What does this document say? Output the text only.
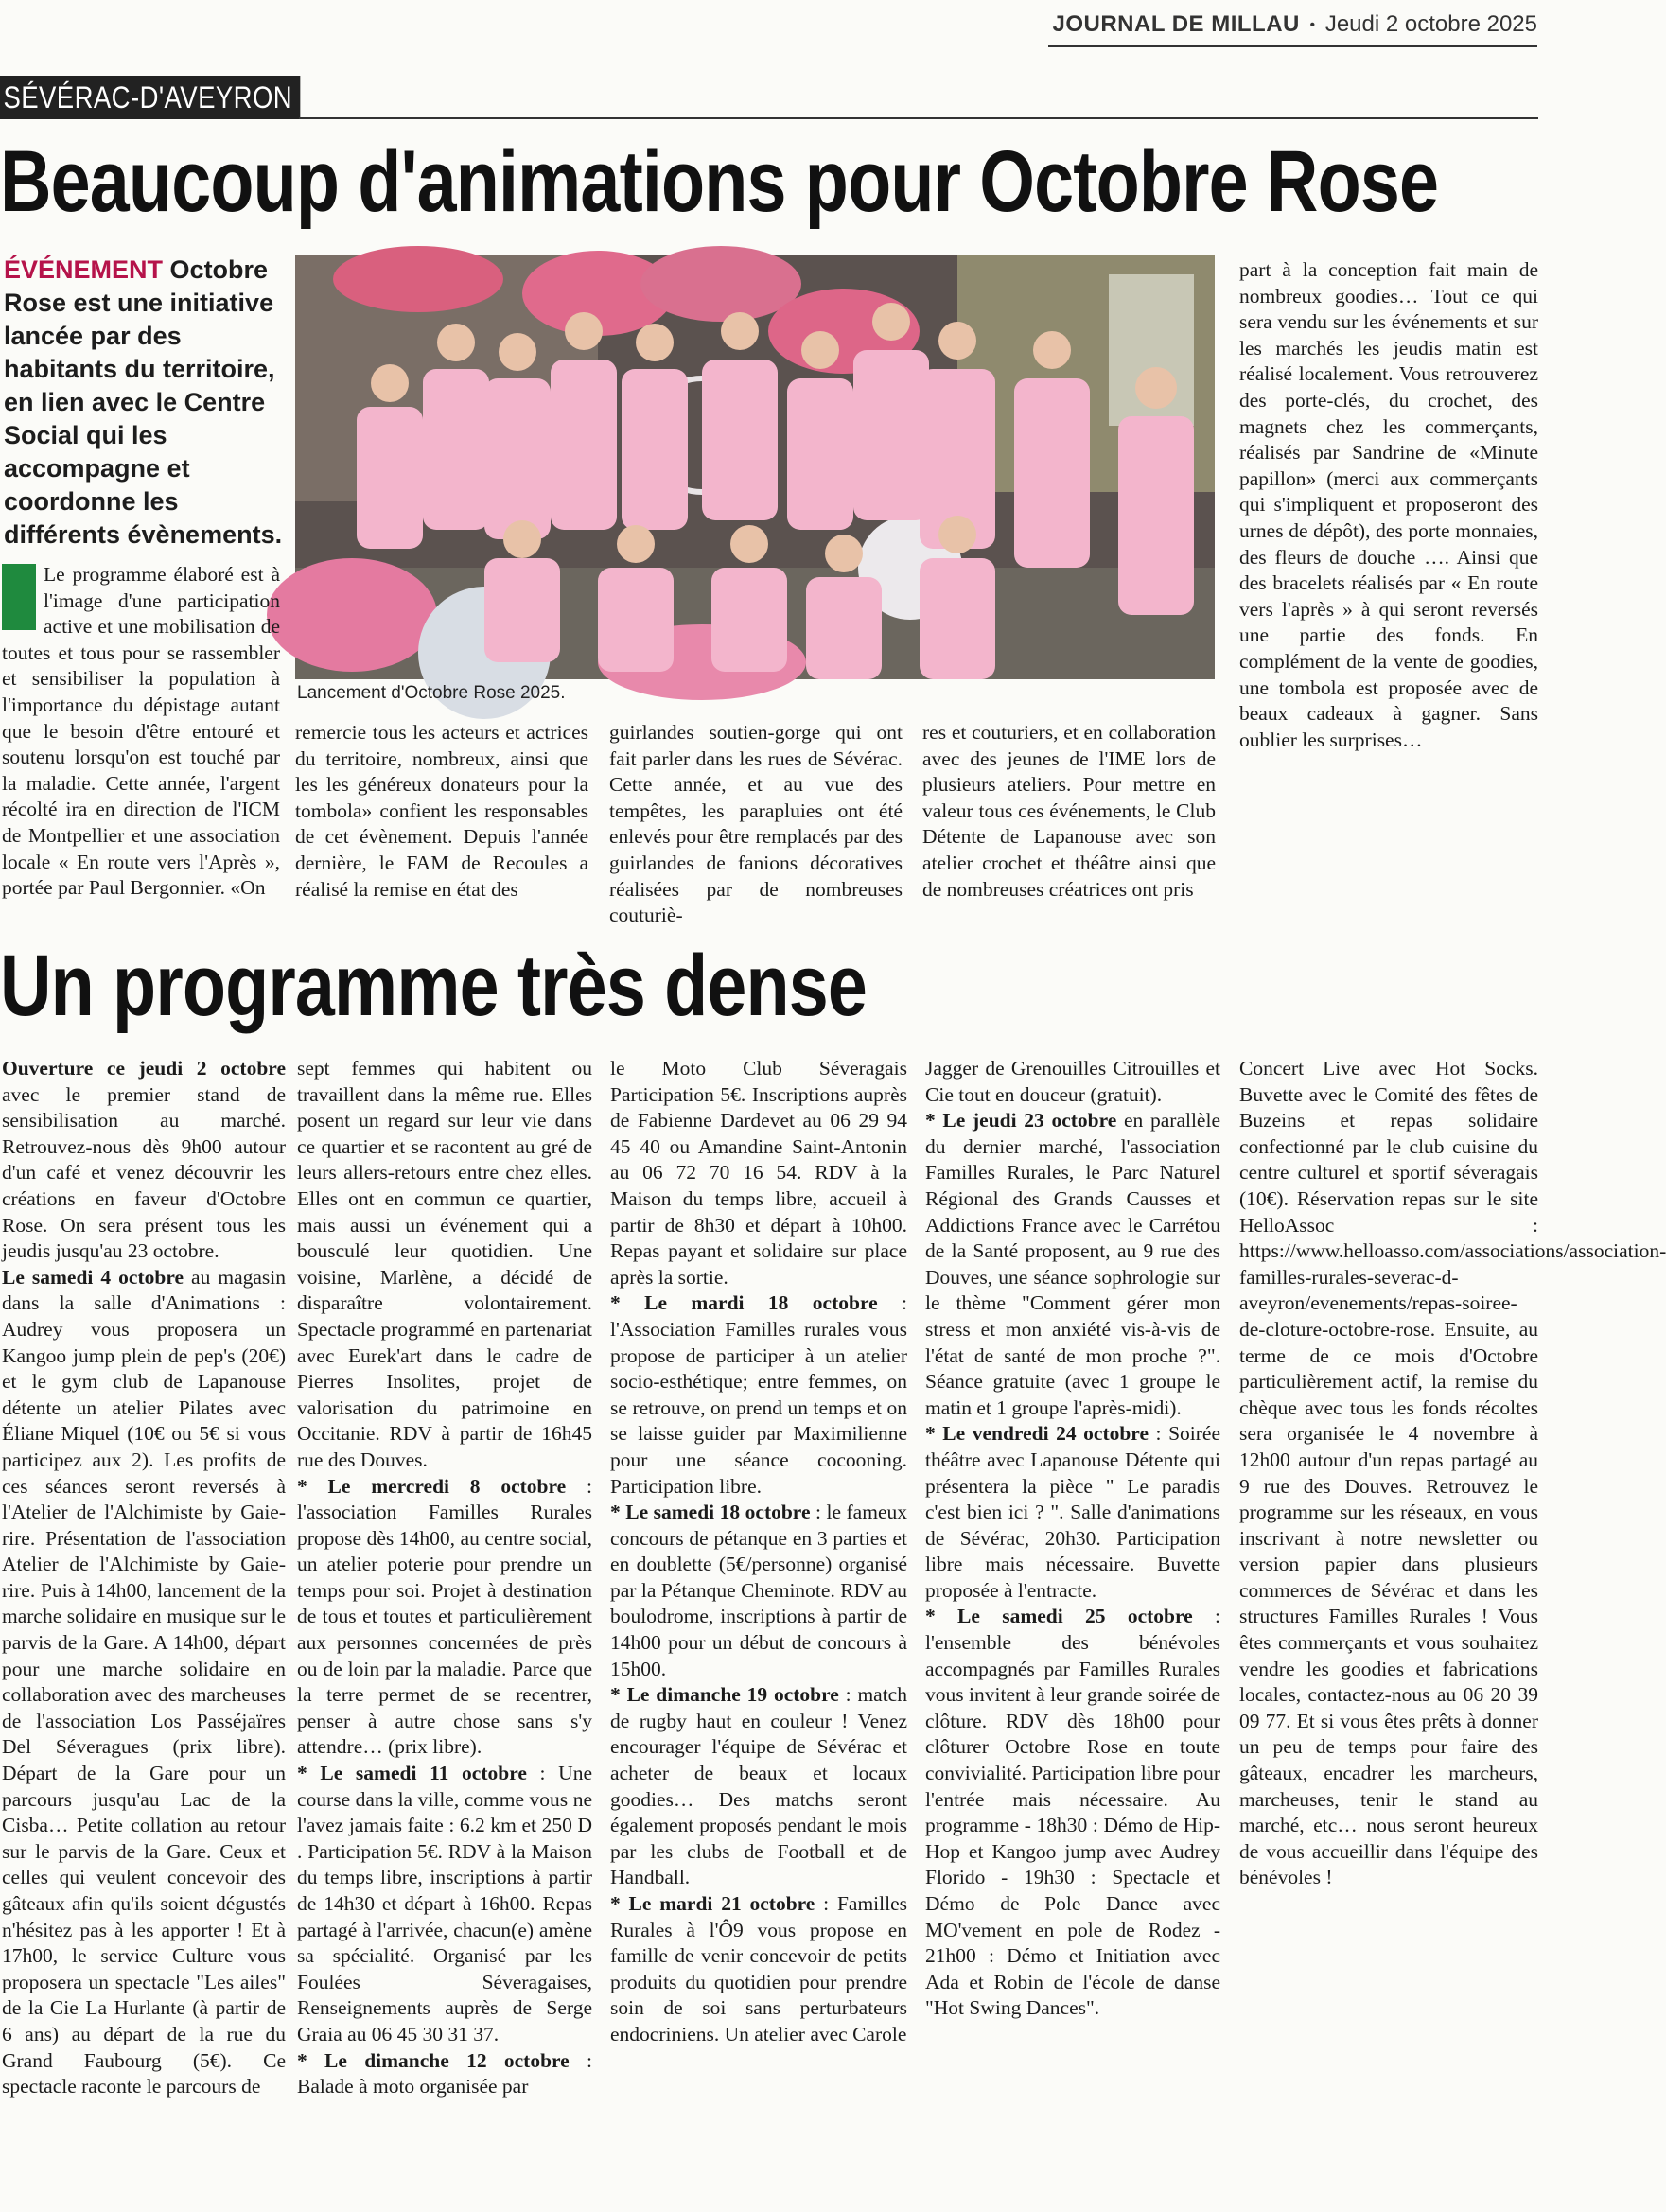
JOURNAL DE MILLAU • Jeudi 2 octobre 2025
SÉVÉRAC-D'AVEYRON
Beaucoup d'animations pour Octobre Rose
ÉVÉNEMENT Octobre Rose est une initiative lancée par des habitants du territoire, en lien avec le Centre Social qui les accompagne et coordonne les différents évènements.
Lancement d'Octobre Rose 2025.
Le programme élaboré est à l'image d'une participation active et une mobilisation de toutes et tous pour se rassembler et sensibiliser la population à l'importance du dépistage autant que le besoin d'être entouré et soutenu lorsqu'on est touché par la maladie. Cette année, l'argent récolté ira en direction de l'ICM de Montpellier et une association locale « En route vers l'Après », portée par Paul Bergonnier. «On
remercie tous les acteurs et actrices du territoire, nombreux, ainsi que les les généreux donateurs pour la tombola» confient les responsables de cet évènement. Depuis l'année dernière, le FAM de Recoules a réalisé la remise en état des
guirlandes soutien-gorge qui ont fait parler dans les rues de Sévérac. Cette année, et au vue des tempêtes, les parapluies ont été enlevés pour être remplacés par des guirlandes de fanions décoratives réalisées par de nombreuses couturiè-
res et couturiers, et en collaboration avec des jeunes de l'IME lors de plusieurs ateliers. Pour mettre en valeur tous ces événements, le Club Détente de Lapanouse avec son atelier crochet et théâtre ainsi que de nombreuses créatrices ont pris
part à la conception fait main de nombreux goodies… Tout ce qui sera vendu sur les événements et sur les marchés les jeudis matin est réalisé localement. Vous retrouverez des porte-clés, du crochet, des magnets chez les commerçants, réalisés par Sandrine de «Minute papillon» (merci aux commerçants qui s'impliquent et proposeront des urnes de dépôt), des porte monnaies, des fleurs de douche …. Ainsi que des bracelets réalisés par « En route vers l'après » à qui seront reversés une partie des fonds. En complément de la vente de goodies, une tombola est proposée avec de beaux cadeaux à gagner. Sans oublier les surprises…
Un programme très dense
Ouverture ce jeudi 2 octobre avec le premier stand de sensibilisation au marché. Retrouvez-nous dès 9h00 autour d'un café et venez découvrir les créations en faveur d'Octobre Rose. On sera présent tous les jeudis jusqu'au 23 octobre.
Le samedi 4 octobre au magasin dans la salle d'Animations : Audrey vous proposera un Kangoo jump plein de pep's (20€) et le gym club de Lapanouse détente un atelier Pilates avec Éliane Miquel (10€ ou 5€ si vous participez aux 2). Les profits de ces séances seront reversés à l'Atelier de l'Alchimiste by Gaie-rire. Présentation de l'association Atelier de l'Alchimiste by Gaie-rire. Puis à 14h00, lancement de la marche solidaire en musique sur le parvis de la Gare. A 14h00, départ pour une marche solidaire en collaboration avec des marcheuses de l'association Los Passéjaïres Del Séveragues (prix libre). Départ de la Gare pour un parcours jusqu'au Lac de la Cisba… Petite collation au retour sur le parvis de la Gare. Ceux et celles qui veulent concevoir des gâteaux afin qu'ils soient dégustés n'hésitez pas à les apporter ! Et à 17h00, le service Culture vous proposera un spectacle "Les ailes" de la Cie La Hurlante (à partir de 6 ans) au départ de la rue du Grand Faubourg (5€). Ce spectacle raconte le parcours de
sept femmes qui habitent ou travaillent dans la même rue. Elles posent un regard sur leur vie dans ce quartier et se racontent au gré de leurs allers-retours entre chez elles. Elles ont en commun ce quartier, mais aussi un événement qui a bousculé leur quotidien. Une voisine, Marlène, a décidé de disparaître volontairement. Spectacle programmé en partenariat avec Eurek'art dans le cadre de Pierres Insolites, projet de valorisation du patrimoine en Occitanie. RDV à partir de 16h45 rue des Douves.
* Le mercredi 8 octobre : l'association Familles Rurales propose dès 14h00, au centre social, un atelier poterie pour prendre un temps pour soi. Projet à destination de tous et toutes et particulièrement aux personnes concernées de près ou de loin par la maladie. Parce que la terre permet de se recentrer, penser à autre chose sans s'y attendre… (prix libre).
* Le samedi 11 octobre : Une course dans la ville, comme vous ne l'avez jamais faite : 6.2 km et 250 D . Participation 5€. RDV à la Maison du temps libre, inscriptions à partir de 14h30 et départ à 16h00. Repas partagé à l'arrivée, chacun(e) amène sa spécialité. Organisé par les Foulées Séveragaises, Renseignements auprès de Serge Graia au 06 45 30 31 37.
* Le dimanche 12 octobre : Balade à moto organisée par
le Moto Club Séveragais Participation 5€. Inscriptions auprès de Fabienne Dardevet au 06 29 94 45 40 ou Amandine Saint-Antonin au 06 72 70 16 54. RDV à la Maison du temps libre, accueil à partir de 8h30 et départ à 10h00. Repas payant et solidaire sur place après la sortie.
* Le mardi 18 octobre : l'Association Familles rurales vous propose de participer à un atelier socio-esthétique; entre femmes, on se retrouve, on prend un temps et on se laisse guider par Maximilienne pour une séance cocooning. Participation libre.
* Le samedi 18 octobre : le fameux concours de pétanque en 3 parties et en doublette (5€/personne) organisé par la Pétanque Cheminote. RDV au boulodrome, inscriptions à partir de 14h00 pour un début de concours à 15h00.
* Le dimanche 19 octobre : match de rugby haut en couleur ! Venez encourager l'équipe de Sévérac et acheter de beaux et locaux goodies… Des matchs seront également proposés pendant le mois par les clubs de Football et de Handball.
* Le mardi 21 octobre : Familles Rurales à l'Ô9 vous propose en famille de venir concevoir de petits produits du quotidien pour prendre soin de soi sans perturbateurs endocriniens. Un atelier avec Carole
Jagger de Grenouilles Citrouilles et Cie tout en douceur (gratuit).
* Le jeudi 23 octobre en parallèle du dernier marché, l'association Familles Rurales, le Parc Naturel Régional des Grands Causses et Addictions France avec le Carrétou de la Santé proposent, au 9 rue des Douves, une séance sophrologie sur le thème "Comment gérer mon stress et mon anxiété vis-à-vis de l'état de santé de mon proche ?". Séance gratuite (avec 1 groupe le matin et 1 groupe l'après-midi).
* Le vendredi 24 octobre : Soirée théâtre avec Lapanouse Détente qui présentera la pièce " Le paradis c'est bien ici ? ". Salle d'animations de Sévérac, 20h30. Participation libre mais nécessaire. Buvette proposée à l'entracte.
* Le samedi 25 octobre : l'ensemble des bénévoles accompagnés par Familles Rurales vous invitent à leur grande soirée de clôture. RDV dès 18h00 pour clôturer Octobre Rose en toute convivialité. Participation libre pour l'entrée mais nécessaire. Au programme - 18h30 : Démo de Hip-Hop et Kangoo jump avec Audrey Florido - 19h30 : Spectacle et Démo de Pole Dance avec MO'vement en pole de Rodez - 21h00 : Démo et Initiation avec Ada et Robin de l'école de danse "Hot Swing Dances".
Concert Live avec Hot Socks. Buvette avec le Comité des fêtes de Buzeins et repas solidaire confectionné par le club cuisine du centre culturel et sportif séveragais (10€). Réservation repas sur le site HelloAssoc : https://www.helloasso.com/associations/association-familles-rurales-severac-d-aveyron/evenements/repas-soiree-de-cloture-octobre-rose. Ensuite, au terme de ce mois d'Octobre particulièrement actif, la remise du chèque avec tous les fonds récoltes sera organisée le 4 novembre à 12h00 autour d'un repas partagé au 9 rue des Douves. Retrouvez le programme sur les réseaux, en vous inscrivant à notre newsletter ou version papier dans plusieurs commerces de Sévérac et dans les structures Familles Rurales ! Vous êtes commerçants et vous souhaitez vendre les goodies et fabrications locales, contactez-nous au 06 20 39 09 77. Et si vous êtes prêts à donner un peu de temps pour faire des gâteaux, encadrer les marcheurs, marcheuses, tenir le stand au marché, etc… nous seront heureux de vous accueillir dans l'équipe des bénévoles !
